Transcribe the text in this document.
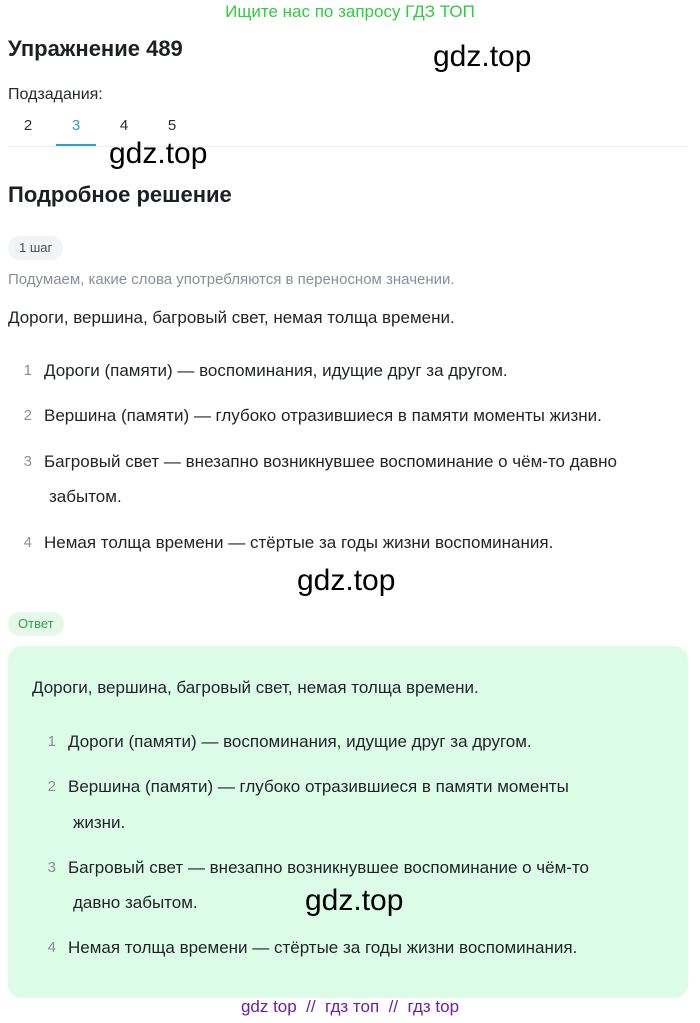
Ищите нас по запросу ГДЗ ТОП
Упражнение 489	gdz.top
Подзадания:
2	3	4	5
gdz.top
Подробное решение
1 шаг
Подумаем, какие слова употребляются в переносном значении.
Дороги, вершина, багровый свет, немая толща времени.
1 Дороги (памяти) — воспоминания, идущие друг за другом.
2 Вершина (памяти) — глубоко отразившиеся в памяти моменты жизни.
3 Багровый свет — внезапно возникнувшее воспоминание о чём-то давно
забытом.
4 Немая толща времени — стёртые за годы жизни воспоминания.
gdz.top
Ответ
Дороги, вершина, багровый свет, немая толща времени.
1 Дороги (памяти) — воспоминания, идущие друг за другом.
2 Вершина (памяти) — глубоко отразившиеся в памяти моменты
жизни.
3 Багровый свет — внезапно возникнувшее воспоминание о чём-то
давно забытом.	gdz.top
4 Немая толща времени — стёртые за годы жизни воспоминания.
gdz top  //  гдз топ  //  гдз top
